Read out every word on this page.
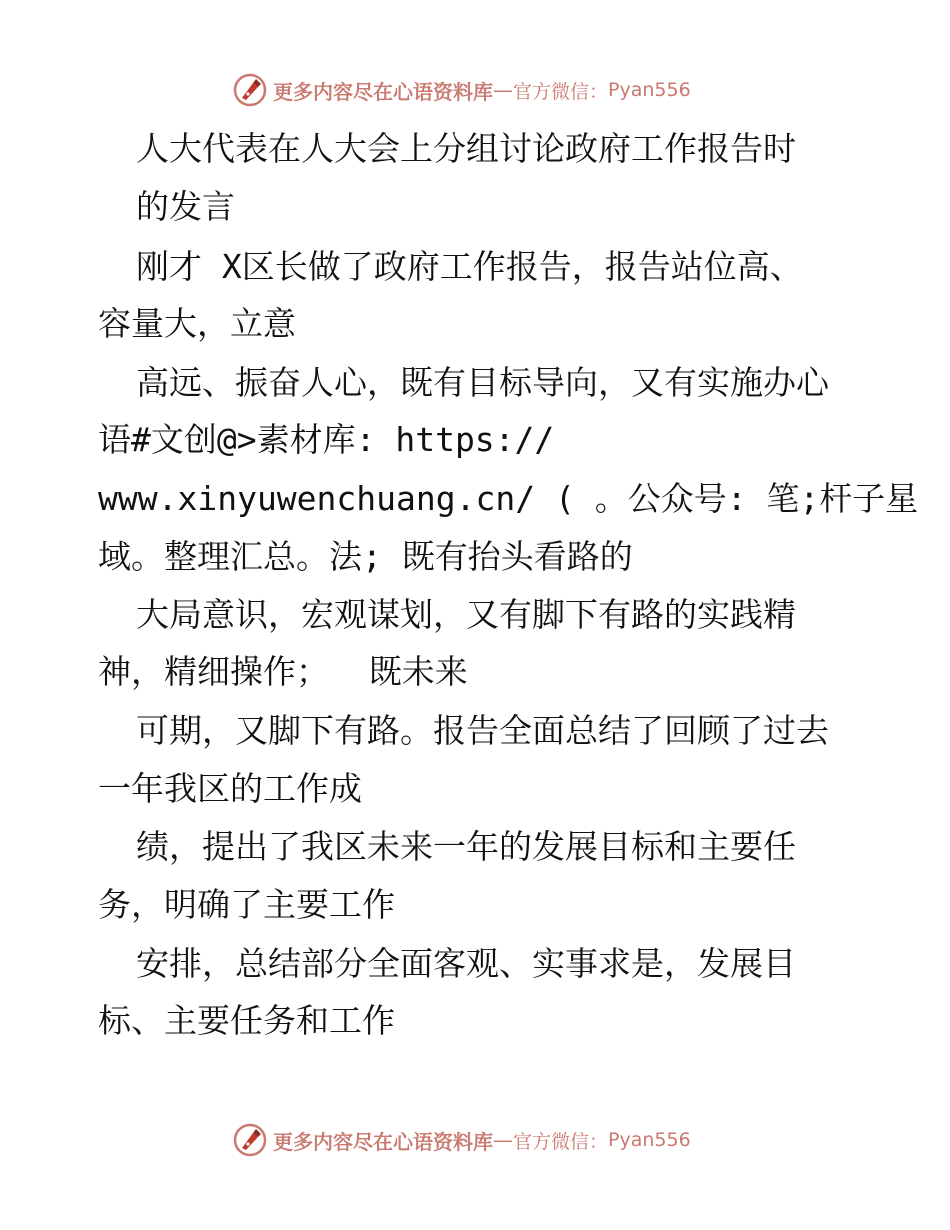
更多内容尽在心语资料库 — 官方微信： Pyan556
人大代表在人大会上分组讨论政府工作报告时
的发言
刚才 X区长做了政府工作报告，报告站位高、
容量大，立意
高远、振奋人心，既有目标导向，又有实施办心
语#文创@>素材库: https://
www.xinyuwenchuang.cn/ ( 。公众号: 笔;杆子星
域。整理汇总。法; 既有抬头看路的
大局意识，宏观谋划，又有脚下有路的实践精
神，精细操作；  既未来
可期，又脚下有路。报告全面总结了回顾了过去
一年我区的工作成
绩，提出了我区未来一年的发展目标和主要任
务，明确了主要工作
安排，总结部分全面客观、实事求是，发展目
标、主要任务和工作
更多内容尽在心语资料库 — 官方微信： Pyan556
